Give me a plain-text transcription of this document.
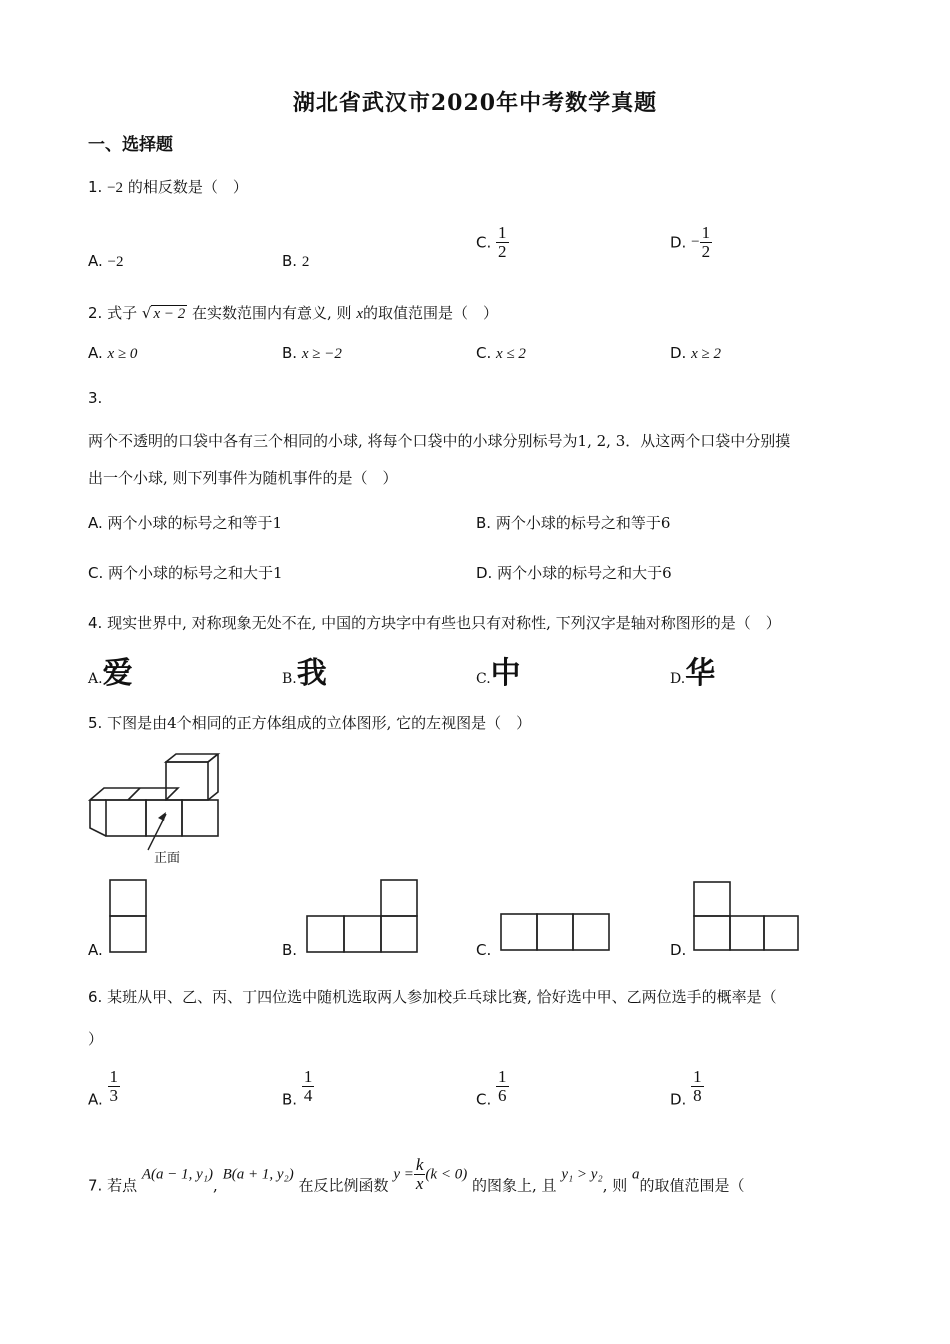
湖北省武汉市2020年中考数学真题
一、选择题
1. −2 的相反数是（　）
A. −2	B. 2
C. $\frac{1}{2}$	D. − $\frac{1}{2}$
2. 式子 √ x − 2 在实数范围内有意义, 则 x的取值范围是（　）
A. x ≥ 0	B. x ≥ −2	C. x ≤ 2	D. x ≥ 2
3.
两个不透明的口袋中各有三个相同的小球, 将每个口袋中的小球分别标号为1, 2, 3．从这两个口袋中分别摸
出一个小球, 则下列事件为随机事件的是（　）
A. 两个小球的标号之和等于1	B. 两个小球的标号之和等于6
C. 两个小球的标号之和大于1	D. 两个小球的标号之和大于6
4. 现实世界中, 对称现象无处不在, 中国的方块字中有些也只有对称性, 下列汉字是轴对称图形的是（　）
A.爱	B.我	C.中	D.华
5. 下图是由4个相同的正方体组成的立体图形, 它的左视图是（　）
正面
A.	B.	C.	D.
6. 某班从甲、乙、丙、丁四位选中随机选取两人参加校乒乓球比赛, 恰好选中甲、乙两位选手的概率是（
）
A. $\frac{1}{3}$	B. $\frac{1}{4}$	C. $\frac{1}{6}$	D. $\frac{1}{8}$
7. 若点 A(a − 1, y₁), B(a + 1, y₂) 在反比例函数 $y = \frac{k}{x} (k < 0)$ 的图象上, 且 y₁ > y₂, 则 a的取值范围是（
